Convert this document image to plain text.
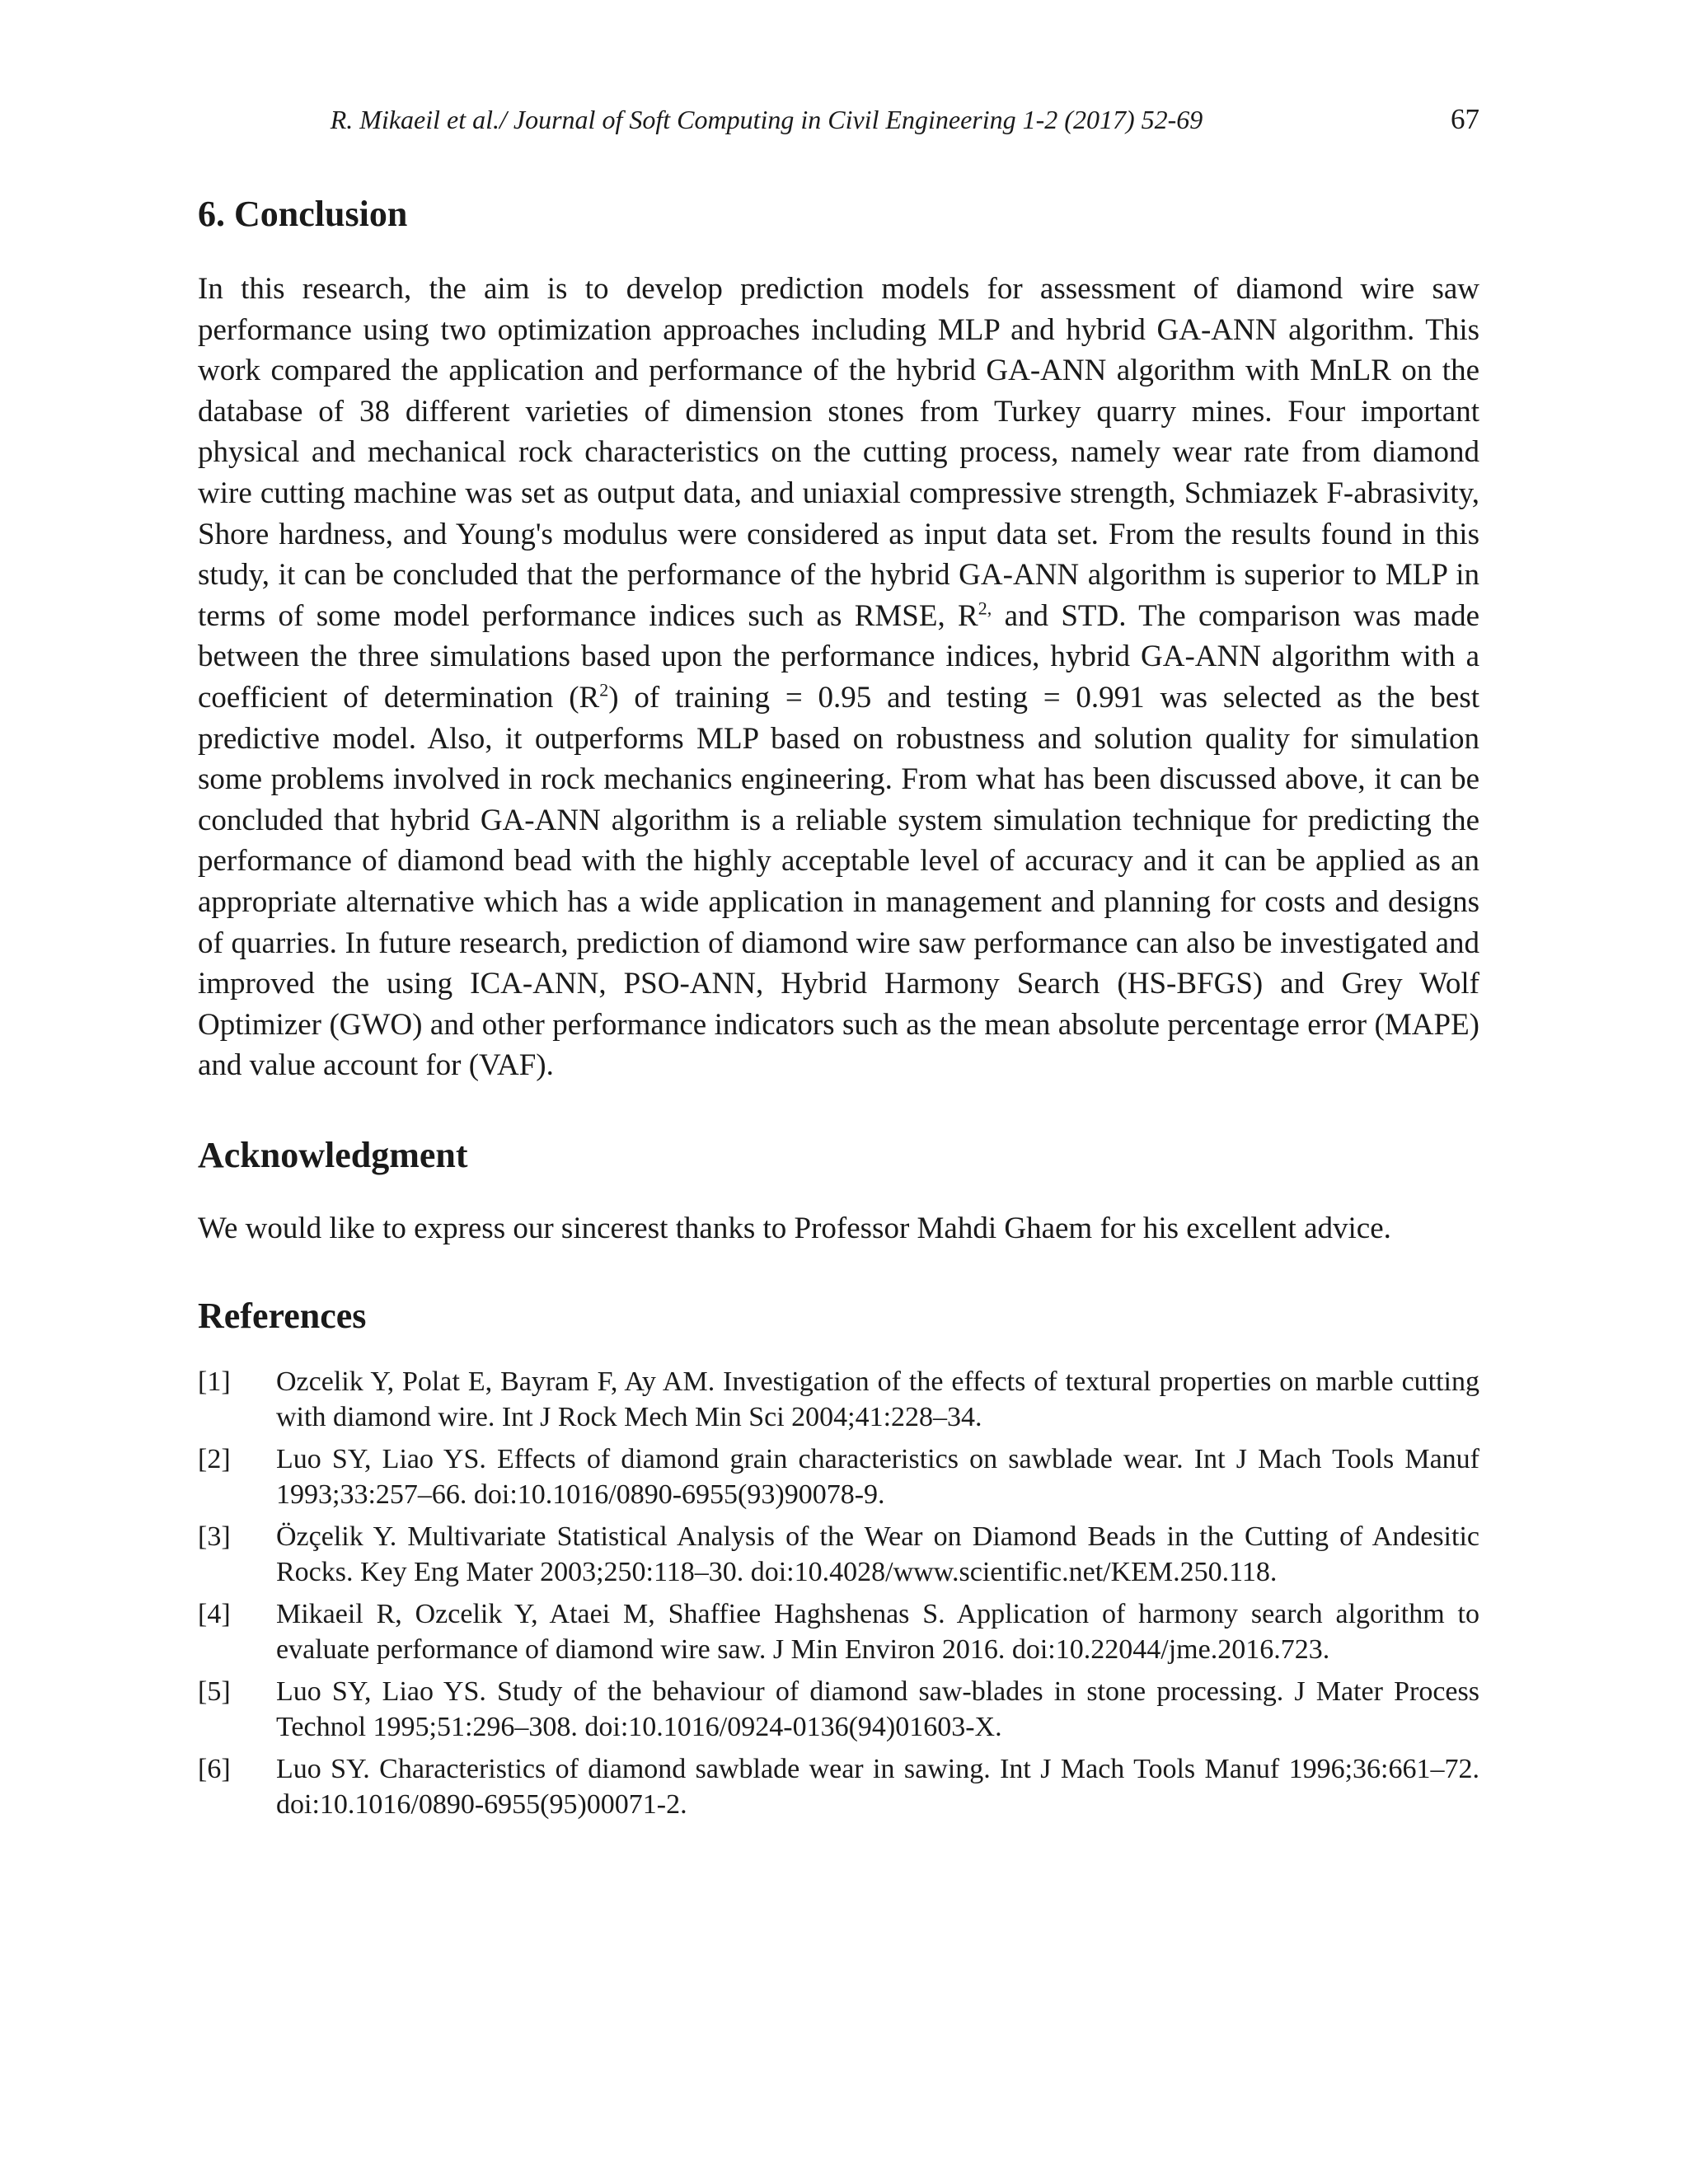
R. Mikaeil et al./ Journal of Soft Computing in Civil Engineering 1-2 (2017) 52-69	67
6. Conclusion

In this research, the aim is to develop prediction models for assessment of diamond wire saw performance using two optimization approaches including MLP and hybrid GA-ANN algorithm. This work compared the application and performance of the hybrid GA-ANN algorithm with MnLR on the database of 38 different varieties of dimension stones from Turkey quarry mines. Four important physical and mechanical rock characteristics on the cutting process, namely wear rate from diamond wire cutting machine was set as output data, and uniaxial compressive strength, Schmiazek F-abrasivity, Shore hardness, and Young's modulus were considered as input data set. From the results found in this study, it can be concluded that the performance of the hybrid GA-ANN algorithm is superior to MLP in terms of some model performance indices such as RMSE, $R^{2,}$ and STD. The comparison was made between the three simulations based upon the performance indices, hybrid GA-ANN algorithm with a coefficient of determination $(R^2)$ of training = 0.95 and testing = 0.991 was selected as the best predictive model. Also, it outperforms MLP based on robustness and solution quality for simulation some problems involved in rock mechanics engineering. From what has been discussed above, it can be concluded that hybrid GA-ANN algorithm is a reliable system simulation technique for predicting the performance of diamond bead with the highly acceptable level of accuracy and it can be applied as an appropriate alternative which has a wide application in management and planning for costs and designs of quarries. In future research, prediction of diamond wire saw performance can also be investigated and improved the using ICA-ANN, PSO-ANN, Hybrid Harmony Search (HS-BFGS) and Grey Wolf Optimizer (GWO) and other performance indicators such as the mean absolute percentage error (MAPE) and value account for (VAF).

Acknowledgment

We would like to express our sincerest thanks to Professor Mahdi Ghaem for his excellent advice.

References
[1] Ozcelik Y, Polat E, Bayram F, Ay AM. Investigation of the effects of textural properties on marble cutting with diamond wire. Int J Rock Mech Min Sci 2004;41:228–34.
[2] Luo SY, Liao YS. Effects of diamond grain characteristics on sawblade wear. Int J Mach Tools Manuf 1993;33:257–66. doi:10.1016/0890-6955(93)90078-9.
[3] Özçelik Y. Multivariate Statistical Analysis of the Wear on Diamond Beads in the Cutting of Andesitic Rocks. Key Eng Mater 2003;250:118–30. doi:10.4028/www.scientific.net/KEM.250.118.
[4] Mikaeil R, Ozcelik Y, Ataei M, Shaffiee Haghshenas S. Application of harmony search algorithm to evaluate performance of diamond wire saw. J Min Environ 2016. doi:10.22044/jme.2016.723.
[5] Luo SY, Liao YS. Study of the behaviour of diamond saw-blades in stone processing. J Mater Process Technol 1995;51:296–308. doi:10.1016/0924-0136(94)01603-X.
[6] Luo SY. Characteristics of diamond sawblade wear in sawing. Int J Mach Tools Manuf 1996;36:661–72. doi:10.1016/0890-6955(95)00071-2.
